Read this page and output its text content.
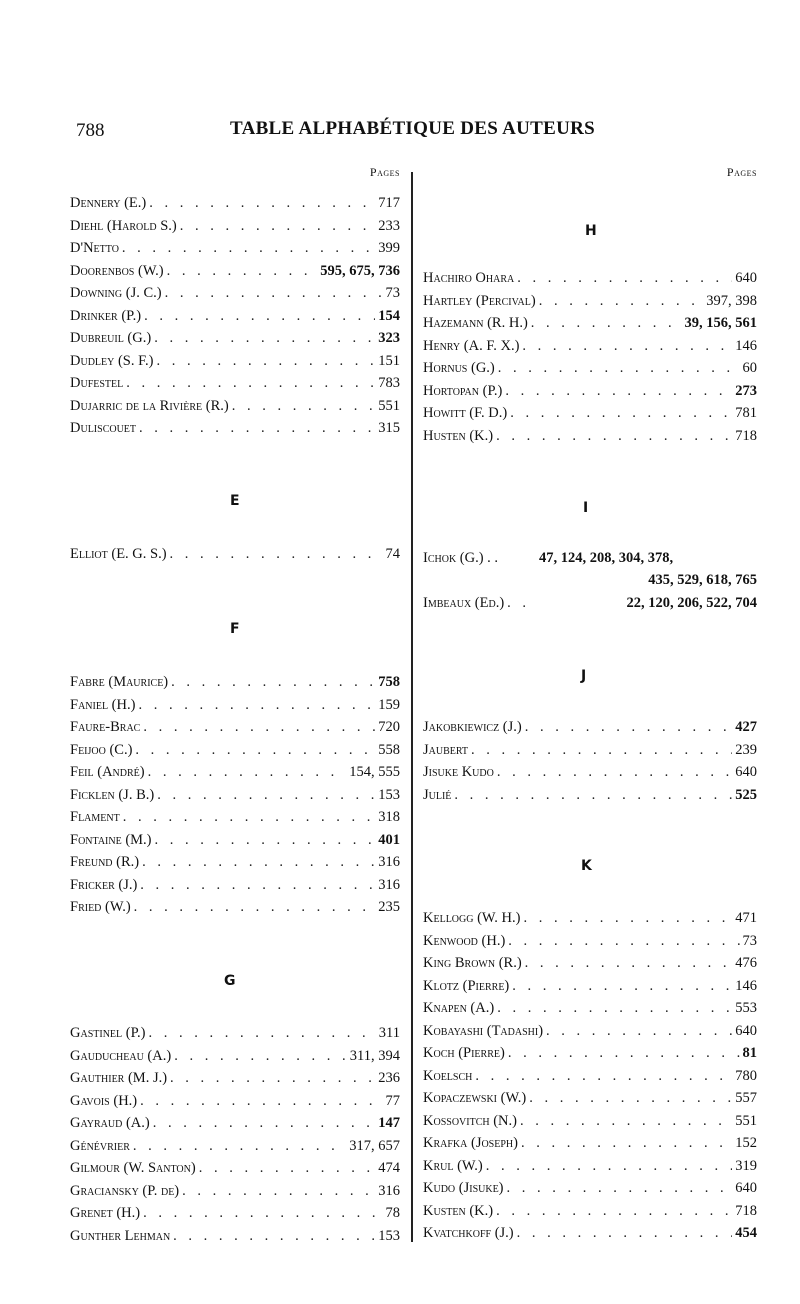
788	TABLE ALPHABÉTIQUE DES AUTEURS
Pages
Dennery (E.) . . .	717
Diehl (Harold S.) . . .	233
D'Netto . . .	399
Doorenbos (W.) . . .	595, 675, 736
Downing (J. C.) . . .	73
Drinker (P.) . . .	154
Dubreuil (G.) . . .	323
Dudley (S. F.) . . .	151
Dufestel . . .	783
Dujarric de la Rivière (R.) . . .	551
Duliscouet . . .	315
E
Elliot (E. G. S.) . . .	74
F
Fabre (Maurice) . . .	758
Faniel (H.) . . .	159
Faure-Brac . . .	720
Feijoo (C.) . . .	558
Feil (André) . . .	154, 555
Ficklen (J. B.) . . .	153
Flament . . .	318
Fontaine (M.) . . .	401
Freund (R.) . . .	316
Fricker (J.) . . .	316
Fried (W.) . . .	235
G
Gastinel (P.) . . .	311
Gauducheau (A.) . . .	311, 394
Gauthier (M. J.) . . .	236
Gavois (H.) . . .	77
Gayraud (A.) . . .	147
Génévrier . . .	317, 657
Gilmour (W. Santon) . . .	474
Graciansky (P. de) . . .	316
Grenet (H.) . . .	78
Gunther Lehman . . .	153
Pages
H
Hachiro Ohara . . .	640
Hartley (Percival) . . .	397, 398
Hazemann (R. H.) . . .	39, 156, 561
Henry (A. F. X.) . . .	146
Hornus (G.) . . .	60
Hortopan (P.) . . .	273
Howitt (F. D.) . . .	781
Husten (K.) . . .	718
I
Ichok (G.) . .	47, 124, 208, 304, 378,
435, 529, 618, 765
Imbeaux (Ed.) . . .	22, 120, 206, 522, 704
J
Jakobkiewicz (J.) . . .	427
Jaubert . . .	239
Jisuke Kudo . . .	640
Julié . . .	525
K
Kellogg (W. H.) . . .	471
Kenwood (H.) . . .	73
King Brown (R.) . . .	476
Klotz (Pierre) . . .	146
Knapen (A.) . . .	553
Kobayashi (Tadashi) . . .	640
Koch (Pierre) . . .	81
Koelsch . . .	780
Kopaczewski (W.) . . .	557
Kossovitch (N.) . . .	551
Krafka (Joseph) . . .	152
Krul (W.) . . .	319
Kudo (Jisuke) . . .	640
Kusten (K.) . . .	718
Kvatchkoff (J.) . . .	454
